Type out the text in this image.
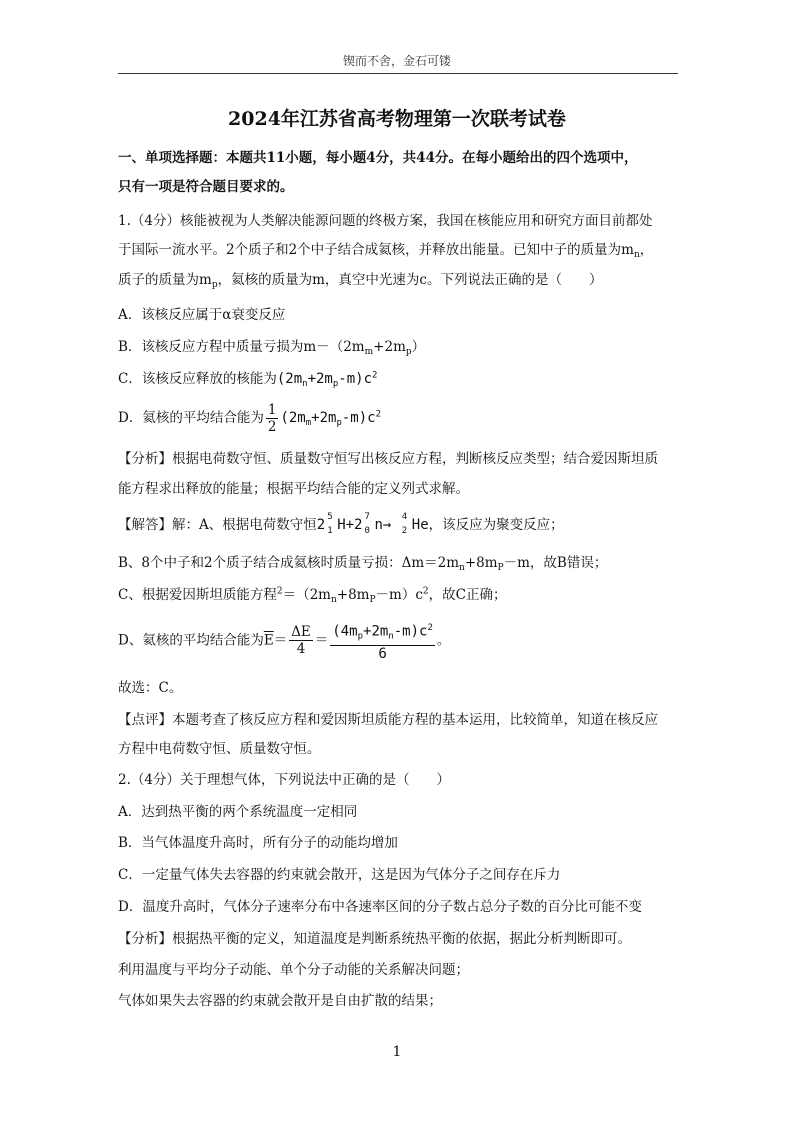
锲而不舍，金石可镂
2024年江苏省高考物理第一次联考试卷
一、单项选择题：本题共11小题，每小题4分，共44分。在每小题给出的四个选项中，
只有一项是符合题目要求的。
1.（4分）核能被视为人类解决能源问题的终极方案，我国在核能应用和研究方面目前都处
于国际一流水平。2个质子和2个中子结合成氦核，并释放出能量。已知中子的质量为$m_n$，
质子的质量为$m_p$，氦核的质量为m，真空中光速为c。下列说法正确的是（　　）
A．该核反应属于α衰变反应
B．该核反应方程中质量亏损为$m-(2m_m+2m_p)$
C．该核反应释放的核能为$(2m_n+2m_p-m)c^2$
D．氦核的平均结合能为 $\frac{1}{2} (2m_m+2m_p-m)c^2$
【分析】根据电荷数守恒、质量数守恒写出核反应方程，判断核反应类型；结合爱因斯坦质
能方程求出释放的能量；根据平均结合能的定义列式求解。
【解答】解：A、根据电荷数守恒2 5
1 H+2 7
0 n→ 4
2 He，该反应为聚变反应；
B、8个中子和2个质子结合成氦核时质量亏损：$\Delta m=2m_n+8m_P-m$，故B错误；
C、根据爱因斯坦质能方程$^2=(2m_n+8m_P-m)c^2$，故C正确；
D、氦核的平均结合能为$\overline{E}= \frac{\Delta E}{4} = \frac{(4m_p+2m_n-m)c^2}{6}$ 。
故选：C。
【点评】本题考查了核反应方程和爱因斯坦质能方程的基本运用，比较简单，知道在核反应
方程中电荷数守恒、质量数守恒。
2.（4分）关于理想气体，下列说法中正确的是（　　）
A．达到热平衡的两个系统温度一定相同
B．当气体温度升高时，所有分子的动能均增加
C．一定量气体失去容器的约束就会散开，这是因为气体分子之间存在斥力
D．温度升高时，气体分子速率分布中各速率区间的分子数占总分子数的百分比可能不变
【分析】根据热平衡的定义，知道温度是判断系统热平衡的依据，据此分析判断即可。
利用温度与平均分子动能、单个分子动能的关系解决问题；
气体如果失去容器的约束就会散开是自由扩散的结果；
1
